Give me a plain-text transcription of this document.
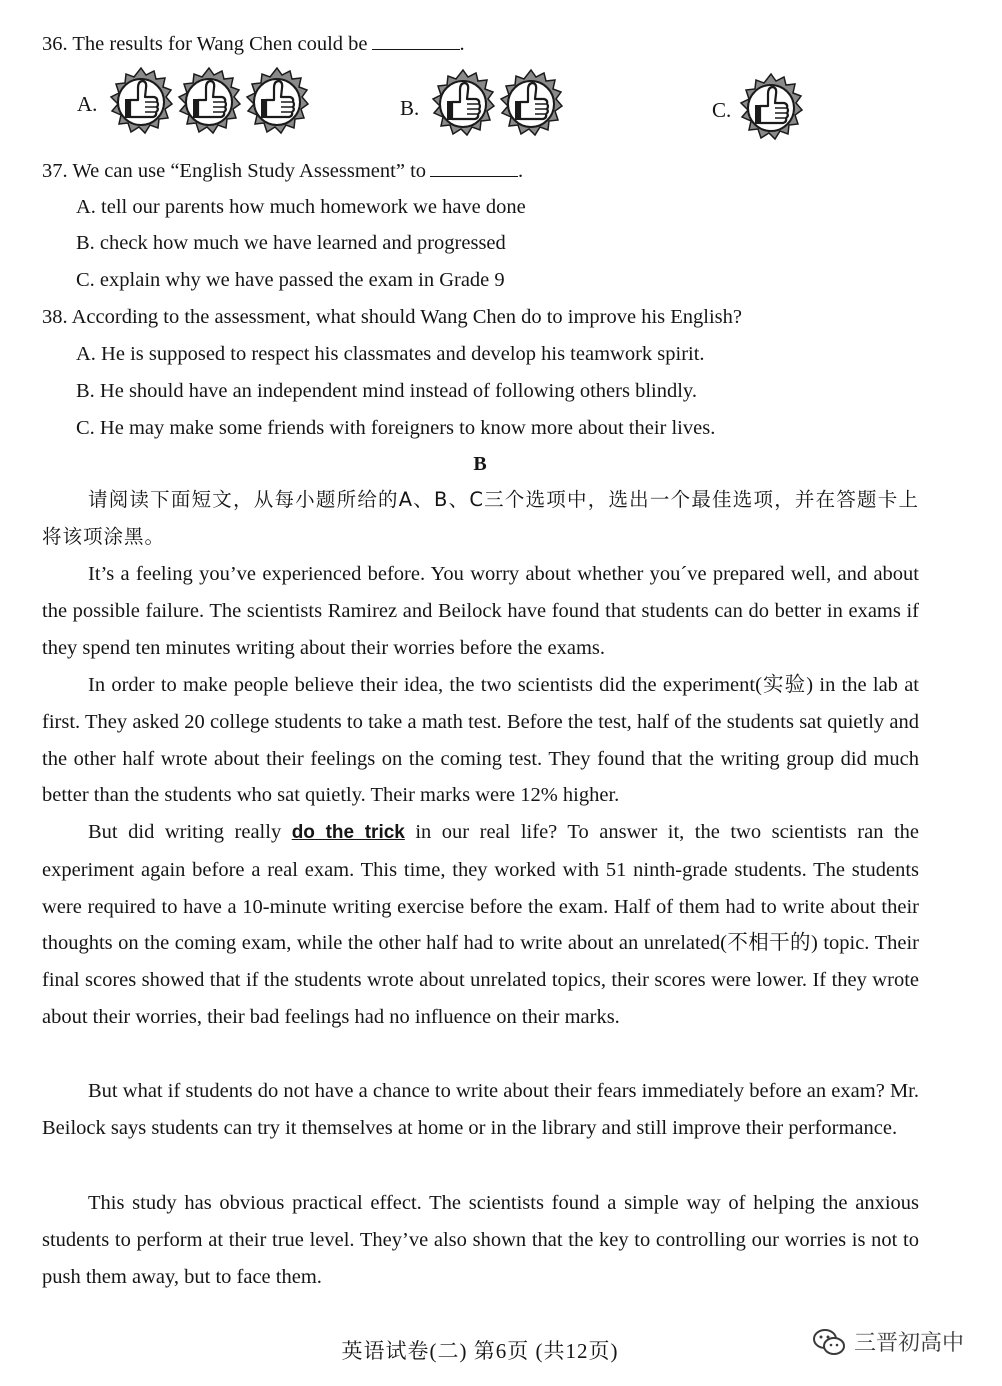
36. The results for Wang Chen could be	.
A.	B.	C.
37. We can use “English Study Assessment” to	.
A. tell our parents how much homework we have done
B. check how much we have learned and progressed
C. explain why we have passed the exam in Grade 9
38. According to the assessment, what should Wang Chen do to improve his English?
A. He is supposed to respect his classmates and develop his teamwork spirit.
B. He should have an independent mind instead of following others blindly.
C. He may make some friends with foreigners to know more about their lives.
B
请阅读下面短文，从每小题所给的A、B、C三个选项中，选出一个最佳选项，并在答题卡上将该项涂黑。
It’s a feeling you’ve experienced before. You worry about whether you´ve prepared well, and about the possible failure. The scientists Ramirez and Beilock have found that students can do better in exams if they spend ten minutes writing about their worries before the exams.
In order to make people believe their idea, the two scientists did the experiment(实验) in the lab at first. They asked 20 college students to take a math test. Before the test, half of the students sat quietly and the other half wrote about their feelings on the coming test. They found that the writing group did much better than the students who sat quietly. Their marks were 12% higher.
But did writing really do the trick in our real life? To answer it, the two scientists ran the experiment again before a real exam. This time, they worked with 51 ninth-grade students. The students were required to have a 10-minute writing exercise before the exam. Half of them had to write about their thoughts on the coming exam, while the other half had to write about an unrelated(不相干的) topic. Their final scores showed that if the students wrote about unrelated topics, their scores were lower. If they wrote about their worries, their bad feelings had no influence on their marks.
But what if students do not have a chance to write about their fears immediately before an exam? Mr. Beilock says students can try it themselves at home or in the library and still improve their performance.
This study has obvious practical effect. The scientists found a simple way of helping the anxious students to perform at their true level. They’ve also shown that the key to controlling our worries is not to push them away, but to face them.
英语试卷(二) 第6页 (共12页)	三晋初高中
